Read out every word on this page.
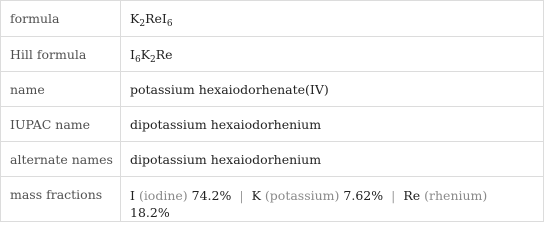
formula	$K_2ReI_6$
Hill formula	$I_6K_2Re$
name	potassium hexaiodorhenate(IV)
IUPAC name	dipotassium hexaiodorhenium
alternate names	dipotassium hexaiodorhenium
mass fractions	I (iodine) 74.2% | K (potassium) 7.62% | Re (rhenium)
18.2%
